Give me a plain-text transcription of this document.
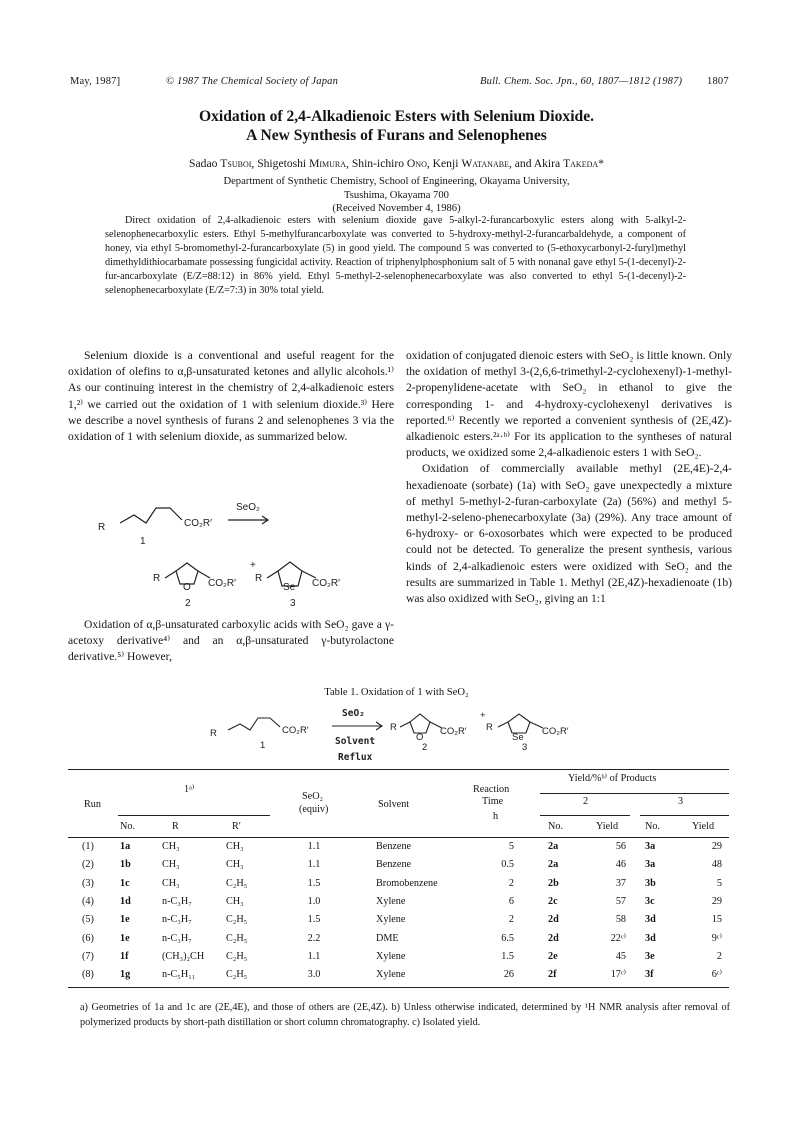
May, 1987]	© 1987 The Chemical Society of Japan	Bull. Chem. Soc. Jpn., 60, 1807—1812 (1987) 1807
Oxidation of 2,4-Alkadienoic Esters with Selenium Dioxide.
A New Synthesis of Furans and Selenophenes
Sadao Tsuboi, Shigetoshi Mimura, Shin-ichiro Ono, Kenji Watanabe, and Akira Takeda*
Department of Synthetic Chemistry, School of Engineering, Okayama University,
Tsushima, Okayama 700
(Received November 4, 1986)
Direct oxidation of 2,4-alkadienoic esters with selenium dioxide gave 5-alkyl-2-furancarboxylic esters along with 5-alkyl-2-selenophenecarboxylic esters. Ethyl 5-methylfurancarboxylate was converted to 5-hydroxy-methyl-2-furancarbaldehyde, a component of honey, via ethyl 5-bromomethyl-2-furancarboxylate (5) in good yield. The compound 5 was converted to (5-ethoxycarbonyl-2-furyl)methyl dimethyldithiocarbamate possessing fungicidal activity. Reaction of triphenylphosphonium salt of 5 with nonanal gave ethyl 5-(1-decenyl)-2-fur-ancarboxylate (E/Z=88:12) in 86% yield. Ethyl 5-methyl-2-selenophenecarboxylate was also converted to ethyl 5-(1-decenyl)-2-selenophenecarboxylate (E/Z=7:3) in 30% total yield.

Selenium dioxide is a conventional and useful reagent for the oxidation of olefins to α,β-unsaturated ketones and allylic alcohols.¹⁾ As our continuing interest in the chemistry of 2,4-alkadienoic esters 1,²⁾ we carried out the oxidation of 1 with selenium dioxide.³⁾ Here we describe a novel synthesis of furans 2 and selenophenes 3 via the oxidation of 1 with selenium dioxide, as summarized below.

R	CO₂R′
1
SeO₂
R
O CO₂R′
2
+
R
Se CO₂R′
3

Oxidation of α,β-unsaturated carboxylic acids with SeO₂ gave a γ-acetoxy derivative⁴⁾ and an α,β-unsaturated γ-butyrolactone derivative.⁵⁾ However,

oxidation of conjugated dienoic esters with SeO₂ is little known. Only the oxidation of methyl 3-(2,6,6-trimethyl-2-cyclohexenyl)-1-methyl-2-propenylidene-acetate with SeO₂ in ethanol to give the corresponding 1- and 4-hydroxy-cyclohexenyl derivatives is reported.⁶⁾ Recently we reported a convenient synthesis of (2E,4Z)-alkadienoic esters.²ᵃ·ᵇ⁾ For its application to the syntheses of natural products, we oxidized some 2,4-alkadienoic esters 1 with SeO₂.

Oxidation of commercially available methyl (2E,4E)-2,4-hexadienoate (sorbate) (1a) with SeO₂ gave unexpectedly a mixture of methyl 5-methyl-2-furan-carboxylate (2a) (56%) and methyl 5-methyl-2-seleno-phenecarboxylate (3a) (29%). Any trace amount of 6-hydroxy- or 6-oxosorbates which were expected to be produced could not be detected. To generalize the present synthesis, various kinds of 2,4-alkadienoic esters were oxidized with SeO₂ and the results are summarized in Table 1. Methyl (2E,4Z)-hexadienoate (1b) was also oxidized with SeO₂, giving an 1:1

Table 1. Oxidation of 1 with SeO₂
R	CO₂R′
1
SeO₂
Solvent
Reflux
R
O
CO₂R′
2
+
R
Se
CO₂R′
3
Run
1ᵃ⁾
No.	R	R′
SeO₂
(equiv)	Solvent
Reaction
Time
h
Yield/%ᵇ⁾ of Products
2	3
No.	Yield	No.	Yield
(1)	1a	CH₃	CH₃	1.1	Benzene	5	2a	56 3a	29
(2)	1b	CH₃	CH₃	1.1	Benzene	0.5	2a	46 3a	48
(3)	1c	CH₃	C₂H₅	1.5	Bromobenzene	2	2b	37 3b	5
(4)	1d	n-C₃H₇	CH₃	1.0	Xylene	6	2c	57 3c	29
(5)	1e	n-C₃H₇	C₂H₅	1.5	Xylene	2	2d	58 3d	15
(6)	1e	n-C₃H₇	C₂H₅	2.2	DME	6.5	2d	22ᶜ⁾ 3d	9ᶜ⁾
(7)	1f	(CH₃)₂CH	C₂H₅	1.1	Xylene	1.5	2e	45 3e	2
(8)	1g	n-C₅H₁₁	C₂H₅	3.0	Xylene	26	2f	17ᶜ⁾ 3f	6ᶜ⁾
a) Geometries of 1a and 1c are (2E,4E), and those of others are (2E,4Z). b) Unless otherwise indicated, determined by ¹H NMR analysis after removal of polymerized products by short-path distillation or short column chromatography. c) Isolated yield.
